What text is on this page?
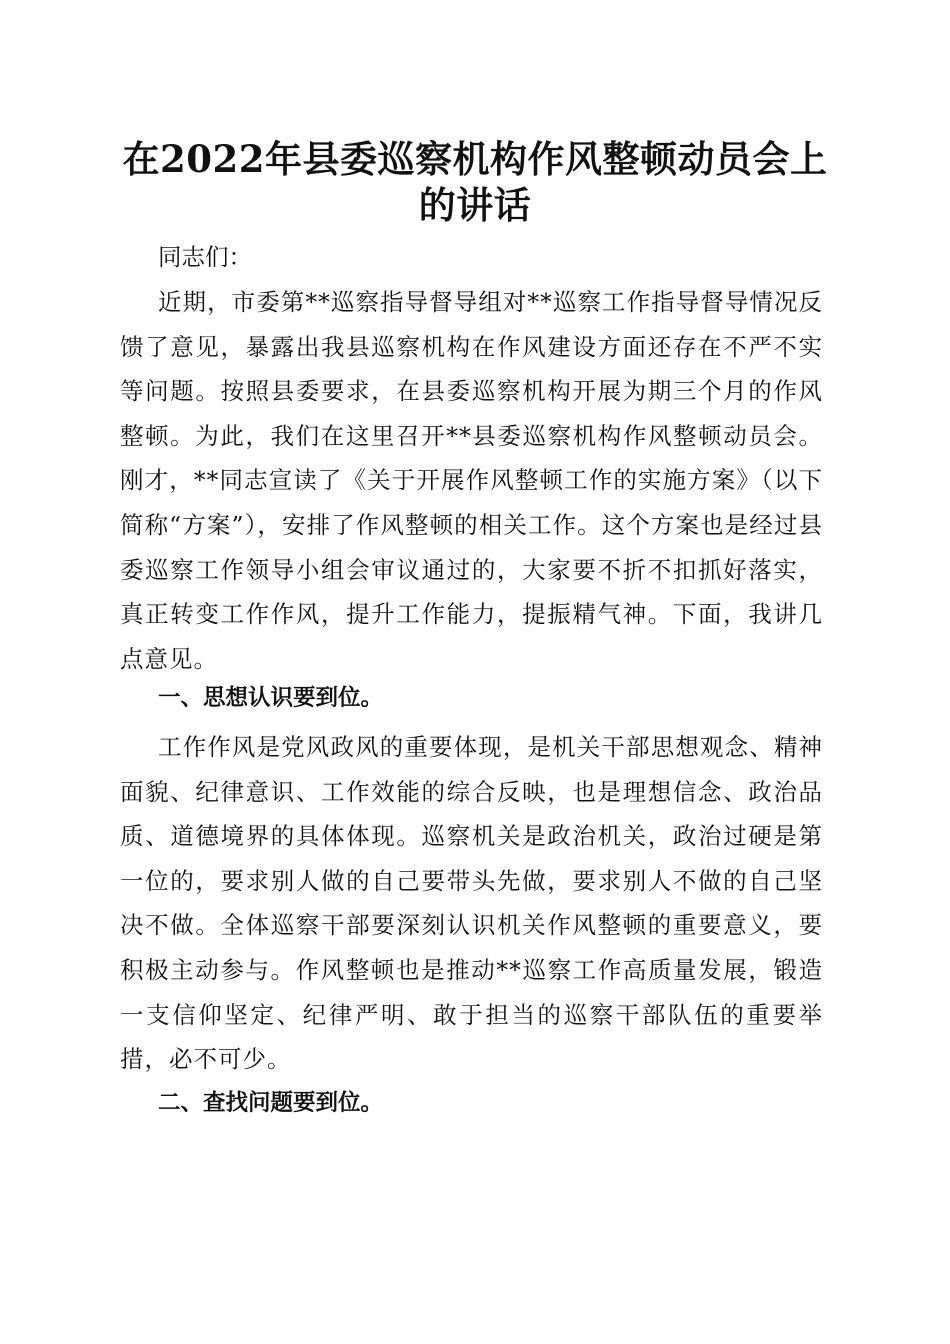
在2022年县委巡察机构作风整顿动员会上的讲话

同志们：

近期，市委第**巡察指导督导组对**巡察工作指导督导情况反馈了意见，暴露出我县巡察机构在作风建设方面还存在不严不实等问题。按照县委要求，在县委巡察机构开展为期三个月的作风整顿。为此，我们在这里召开**县委巡察机构作风整顿动员会。刚才，**同志宣读了《关于开展作风整顿工作的实施方案》（以下简称“方案”），安排了作风整顿的相关工作。这个方案也是经过县委巡察工作领导小组会审议通过的，大家要不折不扣抓好落实，真正转变工作作风，提升工作能力，提振精气神。下面，我讲几点意见。

一、思想认识要到位。

工作作风是党风政风的重要体现，是机关干部思想观念、精神面貌、纪律意识、工作效能的综合反映，也是理想信念、政治品质、道德境界的具体体现。巡察机关是政治机关，政治过硬是第一位的，要求别人做的自己要带头先做，要求别人不做的自己坚决不做。全体巡察干部要深刻认识机关作风整顿的重要意义，要积极主动参与。作风整顿也是推动**巡察工作高质量发展，锻造一支信仰坚定、纪律严明、敢于担当的巡察干部队伍的重要举措，必不可少。

二、查找问题要到位。
